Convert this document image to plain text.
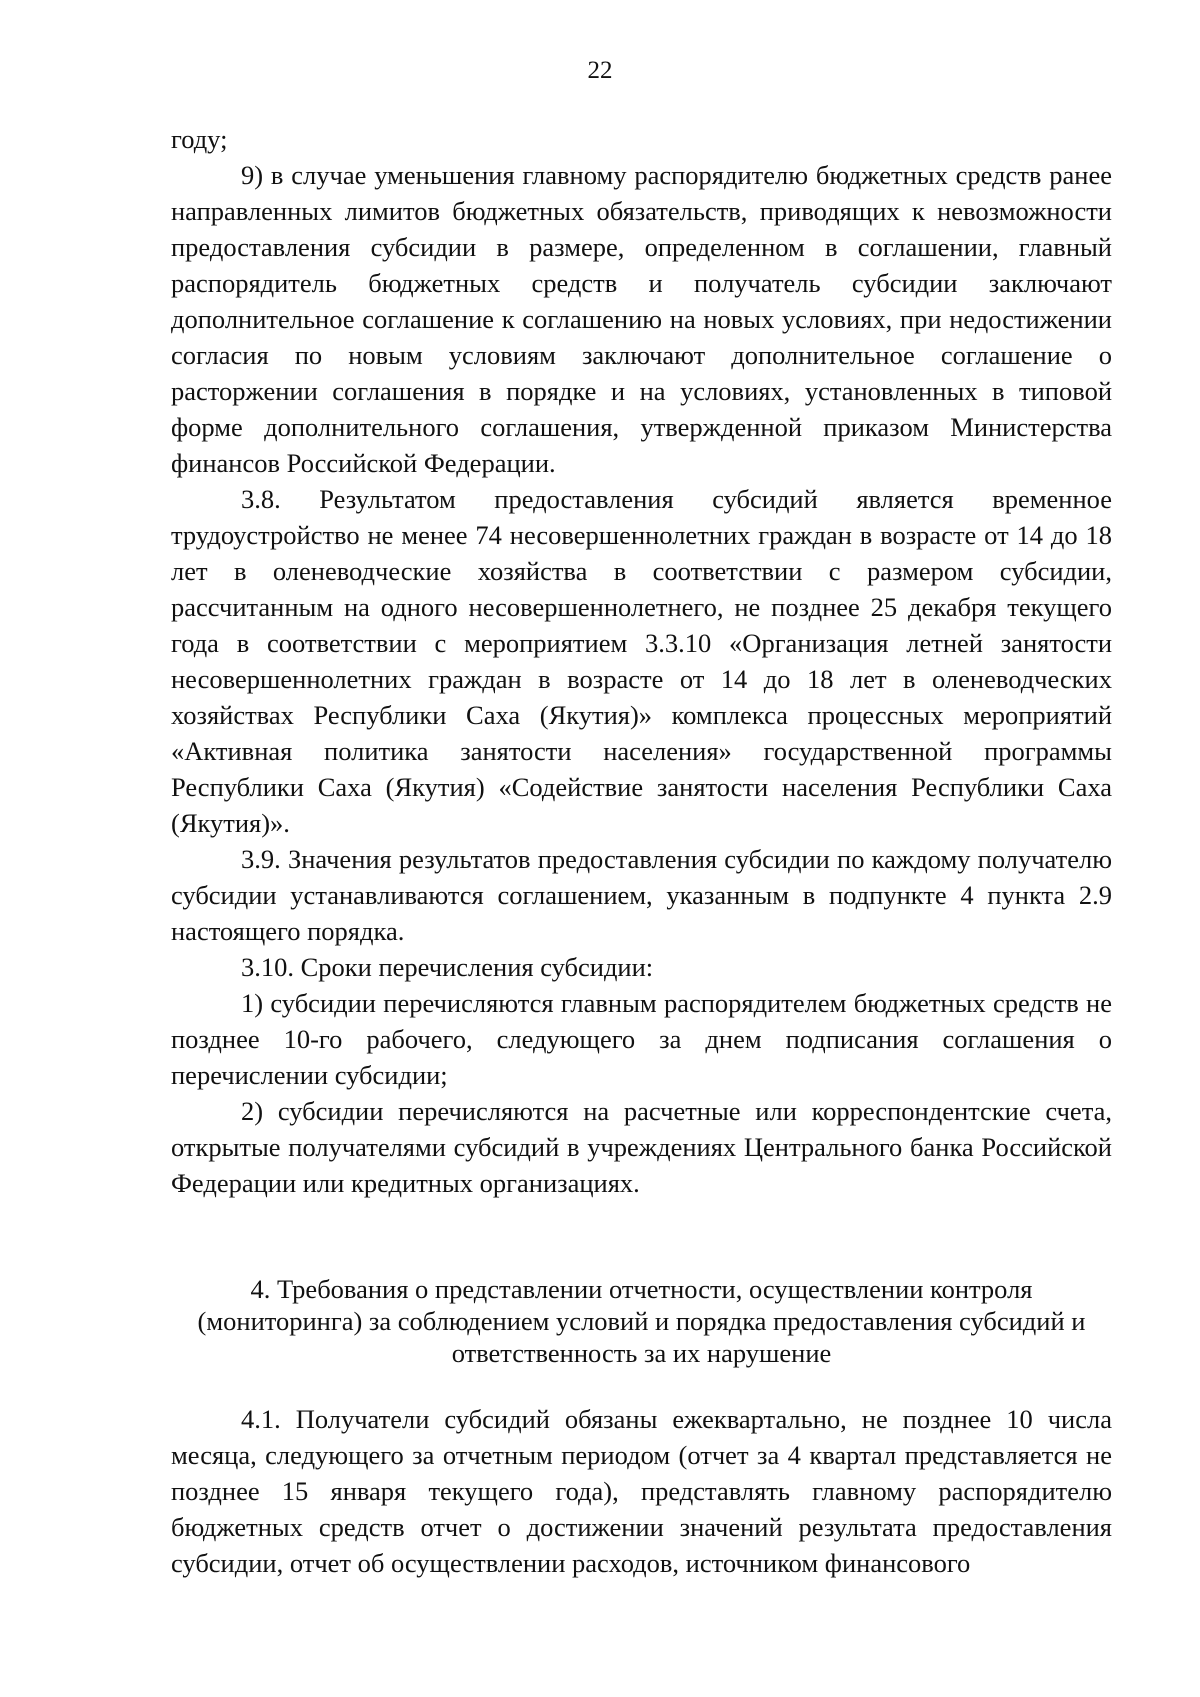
22

году;

9) в случае уменьшения главному распорядителю бюджетных средств ранее направленных лимитов бюджетных обязательств, приводящих к невозможности предоставления субсидии в размере, определенном в соглашении, главный распорядитель бюджетных средств и получатель субсидии заключают дополнительное соглашение к соглашению на новых условиях, при недостижении согласия по новым условиям заключают дополнительное соглашение о расторжении соглашения в порядке и на условиях, установленных в типовой форме дополнительного соглашения, утвержденной приказом Министерства финансов Российской Федерации.

3.8. Результатом предоставления субсидий является временное трудоустройство не менее 74 несовершеннолетних граждан в возрасте от 14 до 18 лет в оленеводческие хозяйства в соответствии с размером субсидии, рассчитанным на одного несовершеннолетнего, не позднее 25 декабря текущего года в соответствии с мероприятием 3.3.10 «Организация летней занятости несовершеннолетних граждан в возрасте от 14 до 18 лет в оленеводческих хозяйствах Республики Саха (Якутия)» комплекса процессных мероприятий «Активная политика занятости населения» государственной программы Республики Саха (Якутия) «Содействие занятости населения Республики Саха (Якутия)».

3.9. Значения результатов предоставления субсидии по каждому получателю субсидии устанавливаются соглашением, указанным в подпункте 4 пункта 2.9 настоящего порядка.

3.10. Сроки перечисления субсидии:

1) субсидии перечисляются главным распорядителем бюджетных средств не позднее 10-го рабочего, следующего за днем подписания соглашения о перечислении субсидии;

2) субсидии перечисляются на расчетные или корреспондентские счета, открытые получателями субсидий в учреждениях Центрального банка Российской Федерации или кредитных организациях.

4. Требования о представлении отчетности, осуществлении контроля (мониторинга) за соблюдением условий и порядка предоставления субсидий и ответственность за их нарушение

4.1. Получатели субсидий обязаны ежеквартально, не позднее 10 числа месяца, следующего за отчетным периодом (отчет за 4 квартал представляется не позднее 15 января текущего года), представлять главному распорядителю бюджетных средств отчет о достижении значений результата предоставления субсидии, отчет об осуществлении расходов, источником финансового
